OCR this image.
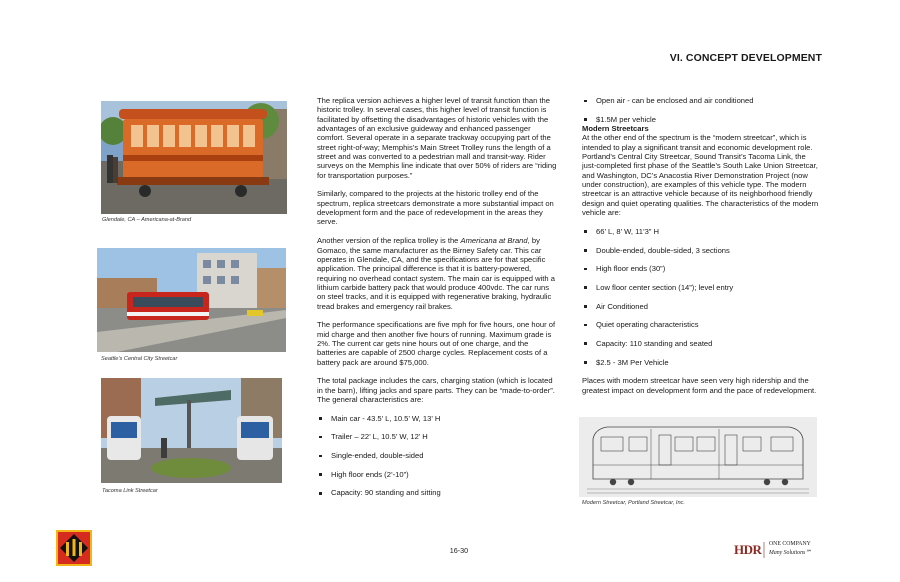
VI. CONCEPT DEVELOPMENT
Glendale, CA – Americana-at-Brand
Seattle’s Central City Streetcar
Tacoma Link Streetcar

The replica version achieves a higher level of transit function than the historic trolley. In several cases, this higher level of transit function is facilitated by offsetting the disadvantages of historic vehicles with the advantages of an exclusive guideway and enhanced passenger comfort. Several operate in a separate trackway occupying part of the street right-of-way; Memphis’s Main Street Trolley runs the length of a street and was converted to a pedestrian mall and transit-way. Rider surveys on the Memphis line indicate that over 50% of riders are “riding for transportation purposes.”

Similarly, compared to the projects at the historic trolley end of the spectrum, replica streetcars demonstrate a more substantial impact on development form and the pace of redevelopment in the areas they serve.

Another version of the replica trolley is the Americana at Brand, by Gomaco, the same manufacturer as the Birney Safety car. This car operates in Glendale, CA, and the specifications are for that specific application. The principal difference is that it is battery-powered, requiring no overhead contact system. The main car is equipped with a lithium carbide battery pack that would produce 400vdc. The car runs on steel tracks, and it is equipped with regenerative braking, hydraulic tread brakes and emergency rail brakes.

The performance specifications are five mph for five hours, one hour of mid charge and then another five hours of running. Maximum grade is 2%. The current car gets nine hours out of one charge, and the batteries are capable of 2500 charge cycles. Replacement costs of a battery pack are around $75,000.

The total package includes the cars, charging station (which is located in the barn), lifting jacks and spare parts. They can be “made-to-order”. The general characteristics are:

Main car - 43.5’ L, 10.5’ W, 13’ H
Trailer – 22’ L, 10.5’ W, 12’ H
Single-ended, double-sided
High floor ends (2’-10”)
Capacity: 90 standing and sitting
Open air - can be enclosed and air conditioned
$1.5M per vehicle
Modern Streetcars

At the other end of the spectrum is the “modern streetcar”, which is intended to play a significant transit and economic development role. Portland’s Central City Streetcar, Sound Transit’s Tacoma Link, the just-completed first phase of the Seattle’s South Lake Union Streetcar, and Washington, DC’s Anacostia River Demonstration Project (now under construction), are examples of this vehicle type. The modern streetcar is an attractive vehicle because of its neighborhood friendly design and quiet operating qualities. The characteristics of the modern vehicle are:

66’ L, 8’ W, 11’3” H
Double-ended, double-sided, 3 sections
High floor ends (30”)
Low floor center section (14”); level entry
Air Conditioned
Quiet operating characteristics
Capacity: 110 standing and seated
$2.5 - 3M Per Vehicle

Places with modern streetcar have seen very high ridership and the greatest impact on development form and the pace of redevelopment.

Modern Streetcar, Portland Streetcar, Inc.
16-30	HDR ONE COMPANY
Many Solutions℠
